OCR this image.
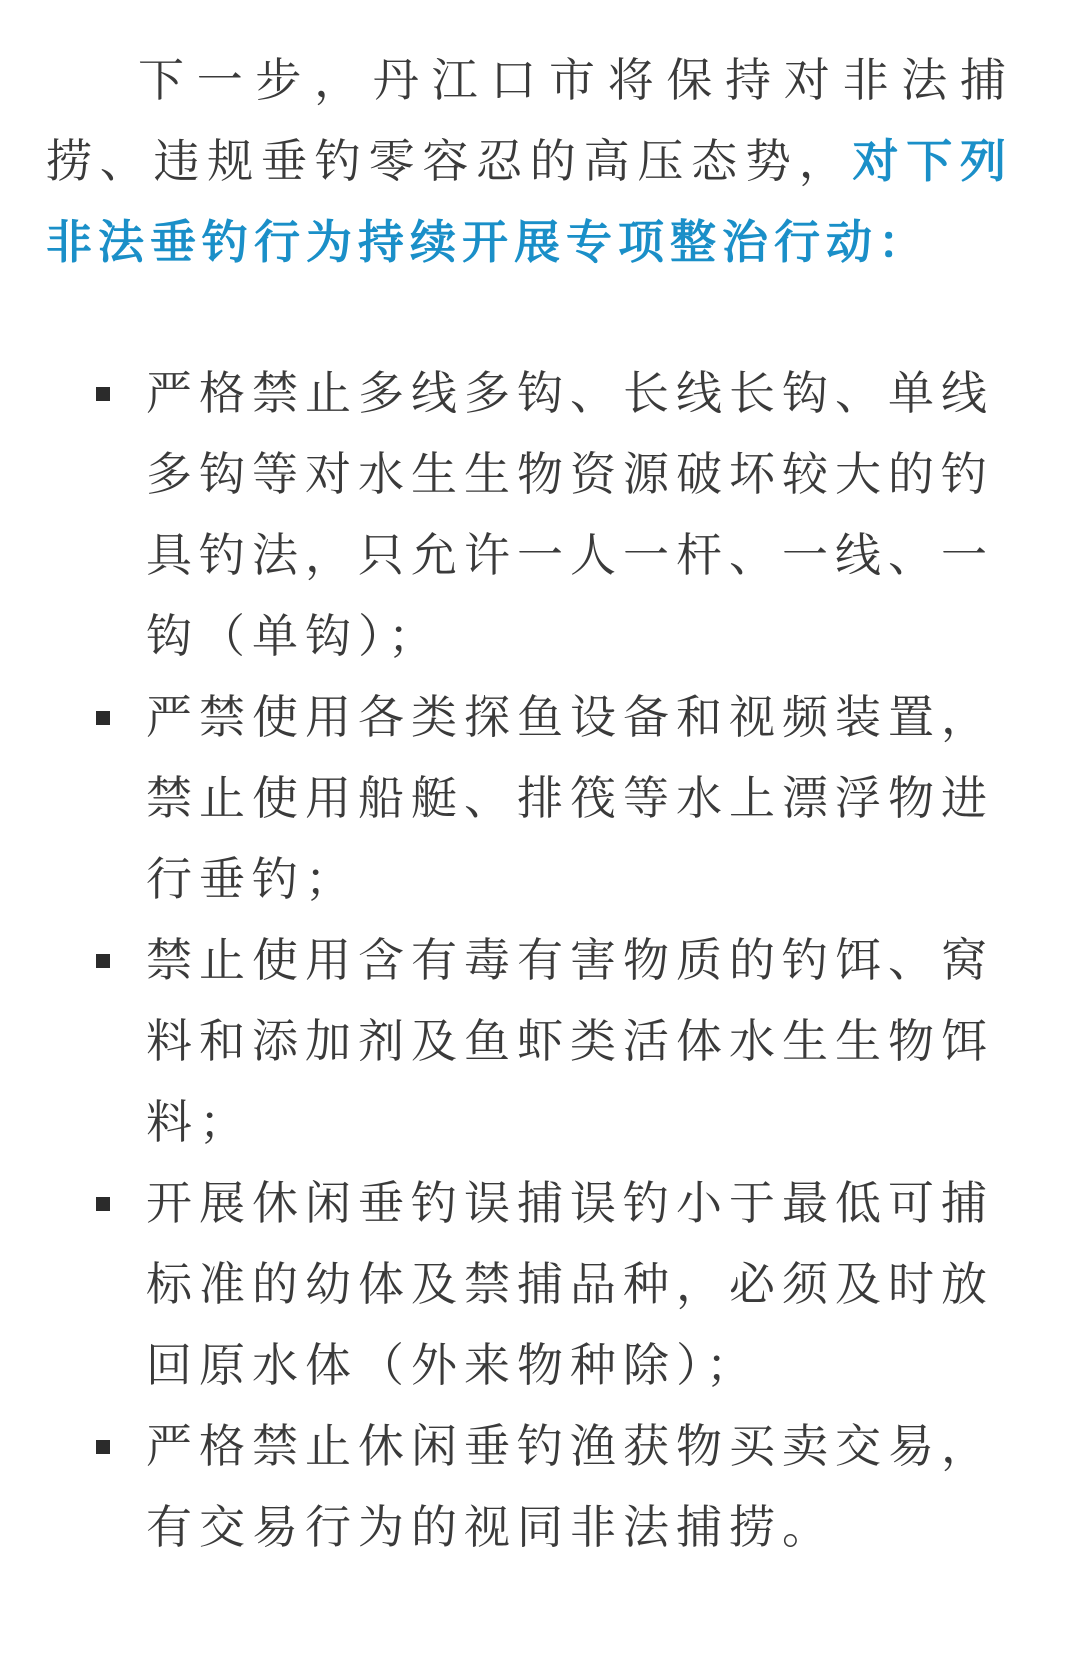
下一步，丹江口市将保持对非法捕捞、违规垂钓零容忍的高压态势，对下列非法垂钓行为持续开展专项整治行动：

严格禁止多线多钩、长线长钩、单线多钩等对水生生物资源破坏较大的钓具钓法，只允许一人一杆、一线、一钩（单钩）；
严禁使用各类探鱼设备和视频装置，禁止使用船艇、排筏等水上漂浮物进行垂钓；
禁止使用含有毒有害物质的钓饵、窝料和添加剂及鱼虾类活体水生生物饵料；
开展休闲垂钓误捕误钓小于最低可捕标准的幼体及禁捕品种，必须及时放回原水体（外来物种除）；
严格禁止休闲垂钓渔获物买卖交易，有交易行为的视同非法捕捞。
